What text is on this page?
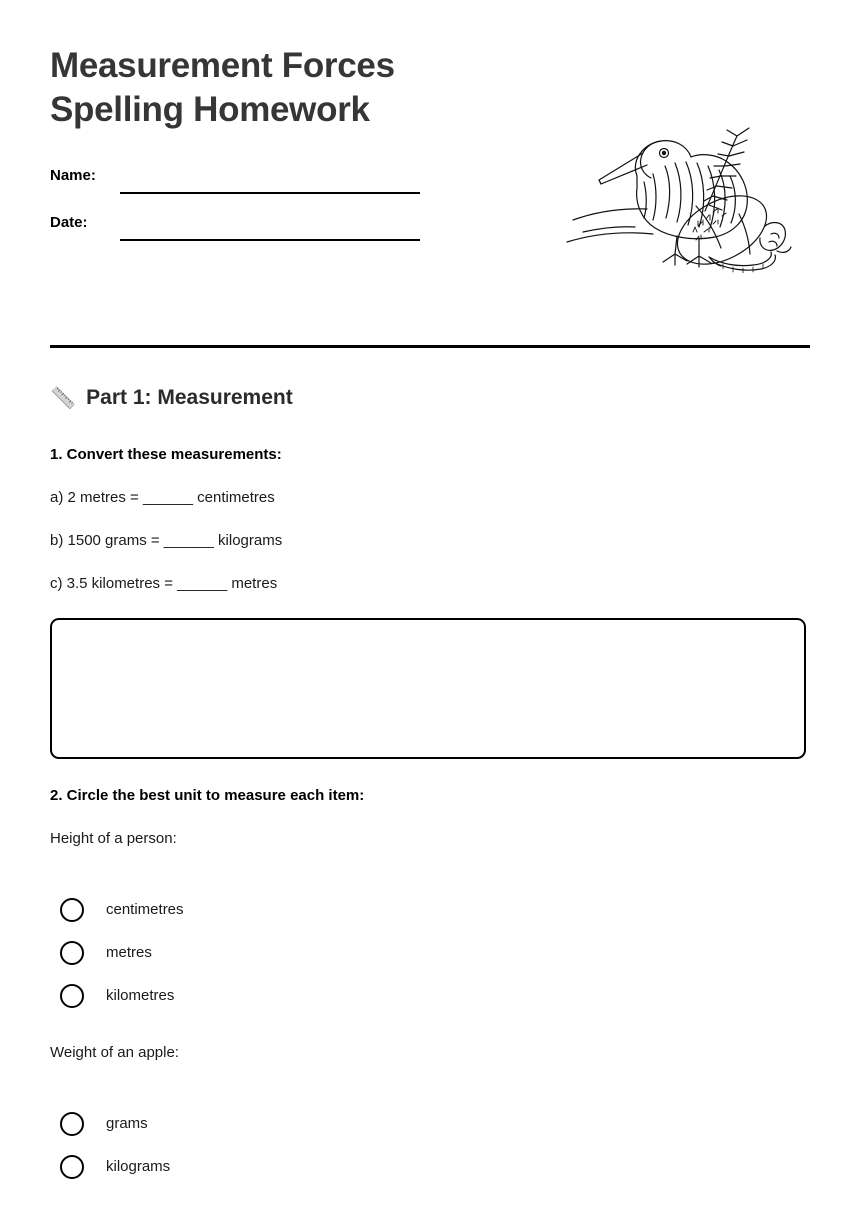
Measurement Forces Spelling Homework
Name:
Date:
📏 Part 1: Measurement

1. Convert these measurements:

a) 2 metres = ______ centimetres

b) 1500 grams = ______ kilograms

c) 3.5 kilometres = ______ metres

2. Circle the best unit to measure each item:

Height of a person:

centimetres
metres
kilometres

Weight of an apple:

grams
kilograms
